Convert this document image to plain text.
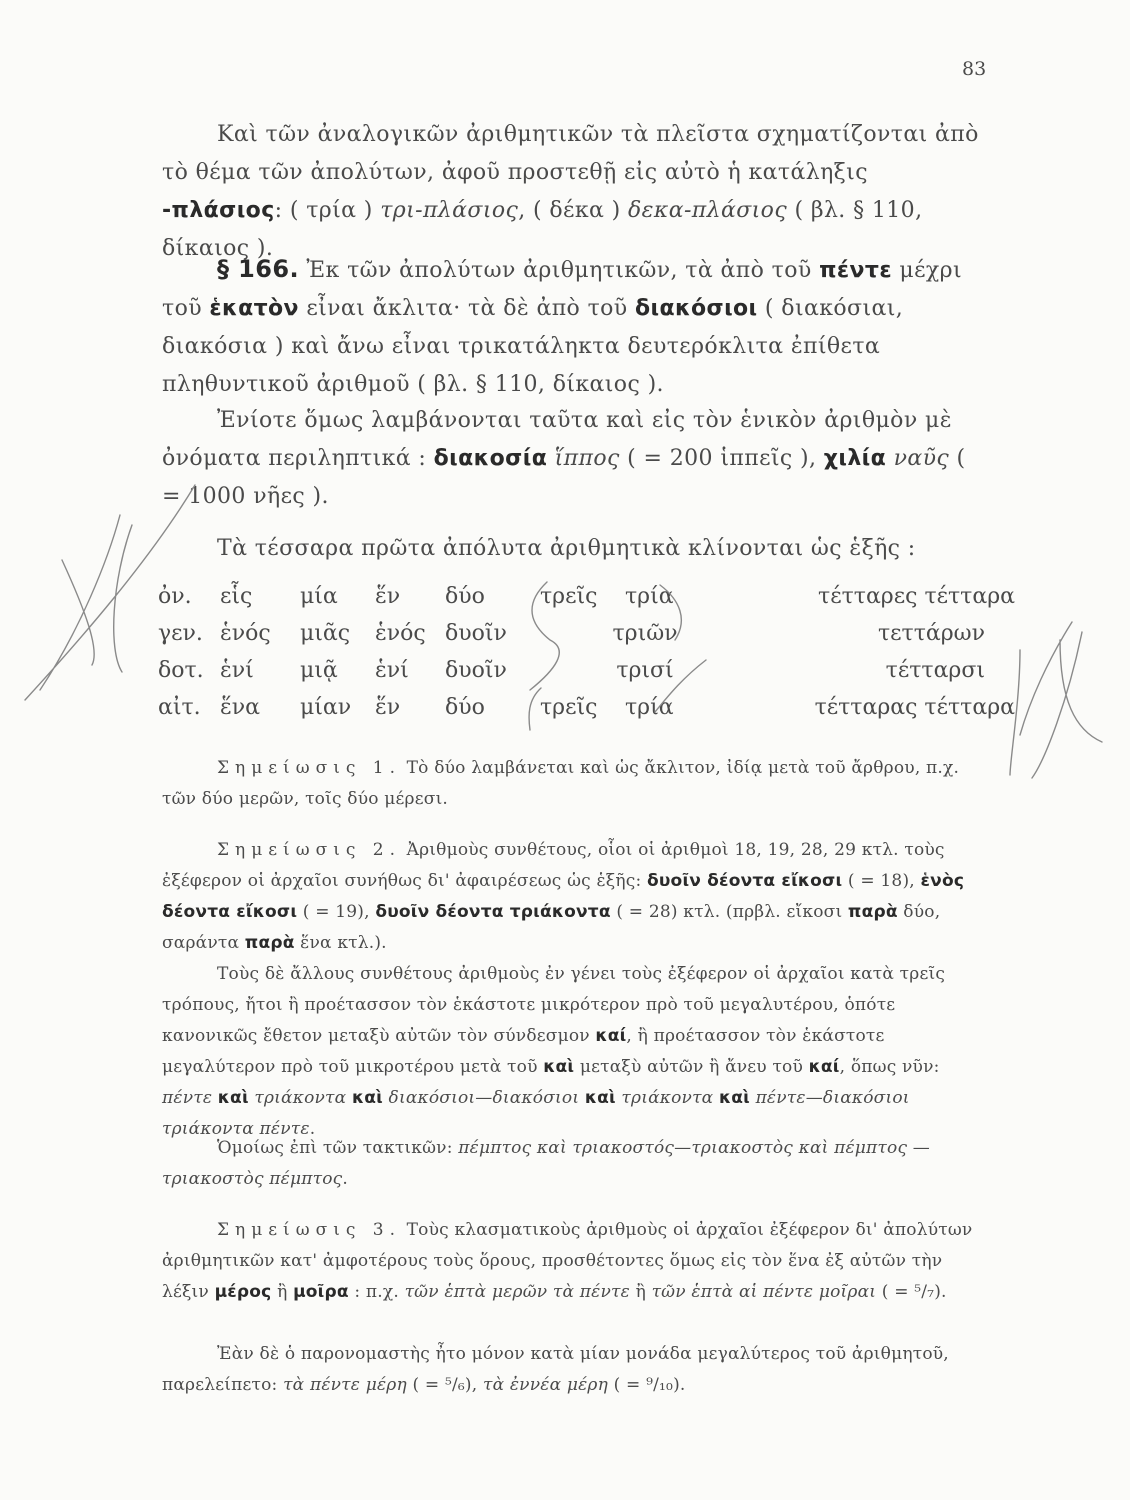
83
Καὶ τῶν ἀναλογικῶν ἀριθμητικῶν τὰ πλεῖστα σχηματίζονται ἀπὸ τὸ θέμα τῶν ἀπολύτων, ἀφοῦ προστεθῇ εἰς αὐτὸ ἡ κατάληξις -πλάσιος: ( τρία ) τρι-πλάσιος, ( δέκα ) δεκα-πλάσιος ( βλ. § 110, δίκαιος ).
§ 166. Ἐκ τῶν ἀπολύτων ἀριθμητικῶν, τὰ ἀπὸ τοῦ πέντε μέχρι τοῦ ἑκατὸν εἶναι ἄκλιτα· τὰ δὲ ἀπὸ τοῦ διακόσιοι ( διακόσιαι, διακόσια ) καὶ ἄνω εἶναι τρικατάληκτα δευτερόκλιτα ἐπίθετα πληθυντικοῦ ἀριθμοῦ ( βλ. § 110, δίκαιος ).
Ἐνίοτε ὅμως λαμβάνονται ταῦτα καὶ εἰς τὸν ἑνικὸν ἀριθμὸν μὲ ὀνόματα περιληπτικά : διακοσία ἵππος ( = 200 ἱππεῖς ), χιλία ναῦς ( = 1000 νῆες ).
Τὰ τέσσαρα πρῶτα ἀπόλυτα ἀριθμητικὰ κλίνονται ὡς ἑξῆς :
ὀν.	εἷς	μία	ἕν	δύο	τρεῖς	τρία	τέτταρες τέτταρα
γεν.	ἑνός	μιᾶς	ἑνός	δυοῖν	τριῶν		τεττάρων
δοτ.	ἑνί	μιᾷ	ἑνί	δυοῖν	τρισί		τέτταρσι
αἰτ.	ἕνα	μίαν	ἕν	δύο	τρεῖς	τρία	τέτταρας τέτταρα
Σημείωσις 1. Τὸ δύο λαμβάνεται καὶ ὡς ἄκλιτον, ἰδίᾳ μετὰ τοῦ ἄρθρου, π.χ. τῶν δύο μερῶν, τοῖς δύο μέρεσι.
Σημείωσις 2. Ἀριθμοὺς συνθέτους, οἷοι οἱ ἀριθμοὶ 18, 19, 28, 29 κτλ. τοὺς ἐξέφερον οἱ ἀρχαῖοι συνήθως δι' ἀφαιρέσεως ὡς ἑξῆς: δυοῖν δέοντα εἴκοσι ( = 18), ἑνὸς δέοντα εἴκοσι ( = 19), δυοῖν δέοντα τριάκοντα ( = 28) κτλ. (πρβλ. εἴκοσι παρὰ δύο, σαράντα παρὰ ἕνα κτλ.).
Τοὺς δὲ ἄλλους συνθέτους ἀριθμοὺς ἐν γένει τοὺς ἐξέφερον οἱ ἀρχαῖοι κατὰ τρεῖς τρόπους, ἤτοι ἢ προέτασσον τὸν ἑκάστοτε μικρότερον πρὸ τοῦ μεγαλυτέρου, ὁπότε κανονικῶς ἔθετον μεταξὺ αὐτῶν τὸν σύνδεσμον καί, ἢ προέτασσον τὸν ἑκάστοτε μεγαλύτερον πρὸ τοῦ μικροτέρου μετὰ τοῦ καὶ μεταξὺ αὐτῶν ἢ ἄνευ τοῦ καί, ὅπως νῦν: πέντε καὶ τριάκοντα καὶ διακόσιοι—διακόσιοι καὶ τριάκοντα καὶ πέντε—διακόσιοι τριάκοντα πέντε.
Ὁμοίως ἐπὶ τῶν τακτικῶν: πέμπτος καὶ τριακοστός—τριακοστὸς καὶ πέμπτος —τριακοστὸς πέμπτος.
Σημείωσις 3. Τοὺς κλασματικοὺς ἀριθμοὺς οἱ ἀρχαῖοι ἐξέφερον δι' ἀπολύτων ἀριθμητικῶν κατ' ἀμφοτέρους τοὺς ὅρους, προσθέτοντες ὅμως εἰς τὸν ἕνα ἐξ αὐτῶν τὴν λέξιν μέρος ἢ μοῖρα : π.χ. τῶν ἑπτὰ μερῶν τὰ πέντε ἢ τῶν ἑπτὰ αἱ πέντε μοῖραι ( = ⁵/₇).
Ἐὰν δὲ ὁ παρονομαστὴς ἦτο μόνον κατὰ μίαν μονάδα μεγαλύτερος τοῦ ἀριθμητοῦ, παρελείπετο: τὰ πέντε μέρη ( = ⁵/₆), τὰ ἐννέα μέρη ( = ⁹/₁₀).
